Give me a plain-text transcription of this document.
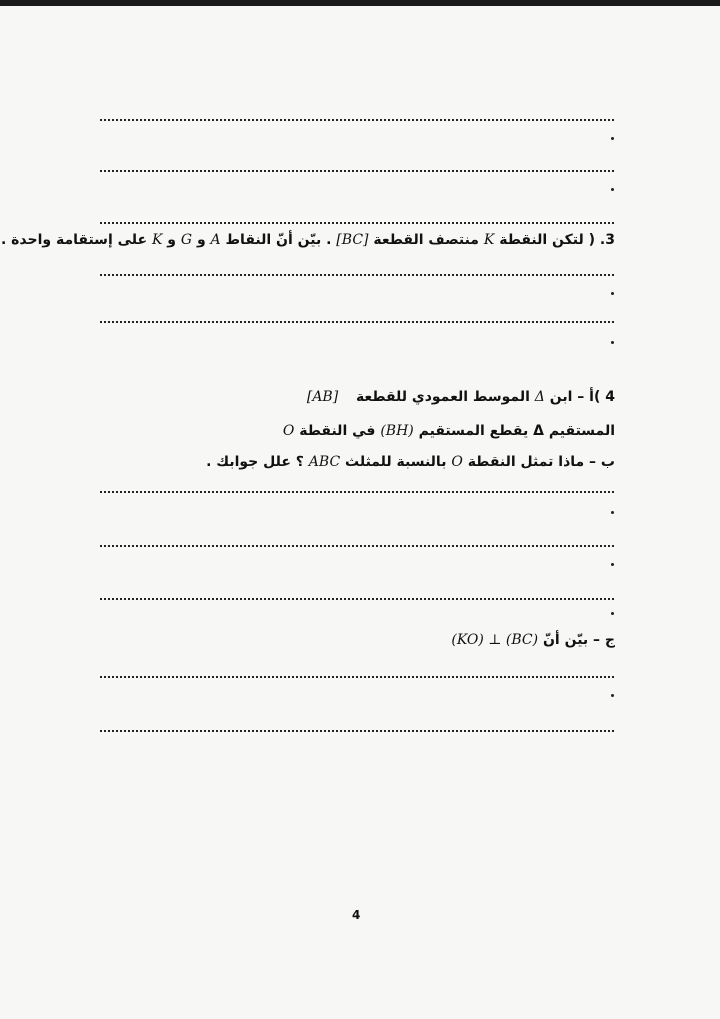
3. ( لتكن النقطة K منتصف القطعة [BC] . بيّن أنّ النقاط A و G و K على إستقامة واحدة .
4 )أ – ابن Δ الموسط العمودي للقطعة  [AB]
المستقيم Δ يقطع المستقيم (BH) في النقطة O
ب – ماذا تمثل النقطة O بالنسبة للمثلث ABC ؟ علل جوابك .
ج – بيّن أنّ (KO) ⊥ (BC)
4
